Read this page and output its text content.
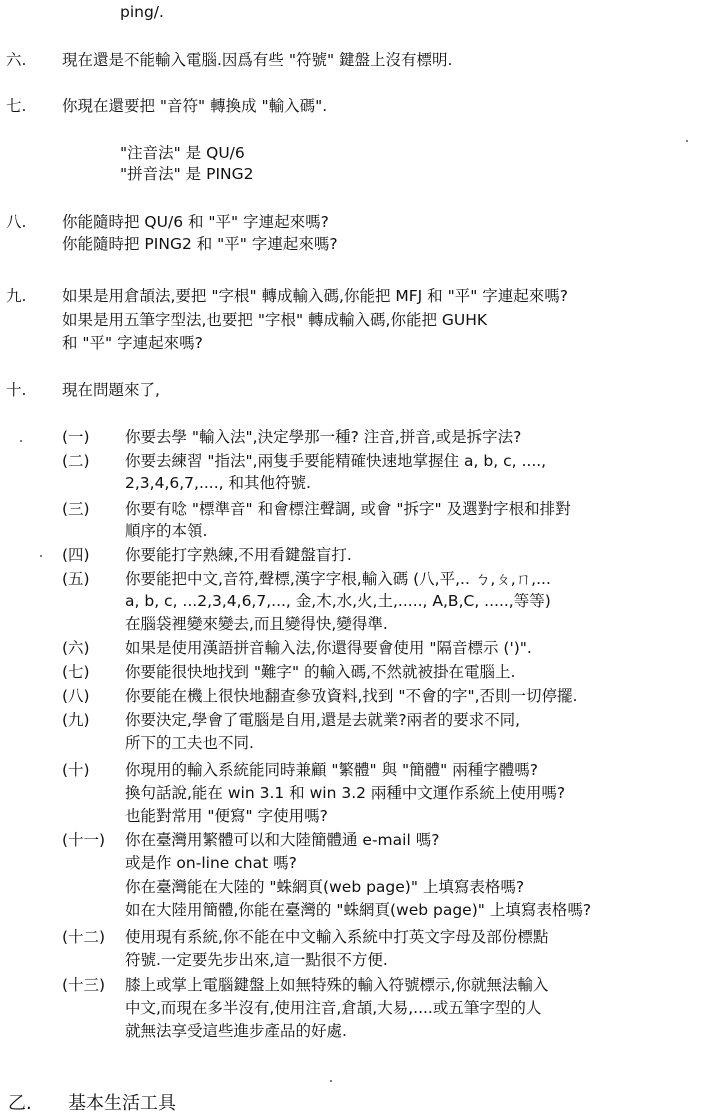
ping/.
六. 現在還是不能輸入電腦.因爲有些 "符號" 鍵盤上沒有標明.
七. 你現在還要把 "音符" 轉換成 "輸入碼".
"注音法" 是 QU/6
"拼音法" 是 PING2
八. 你能隨時把 QU/6 和 "平" 字連起來嗎?
你能隨時把 PING2 和 "平" 字連起來嗎?
九. 如果是用倉頡法,要把 "字根" 轉成輸入碼,你能把 MFJ 和 "平" 字連起來嗎?
如果是用五筆字型法,也要把 "字根" 轉成輸入碼,你能把 GUHK
和 "平" 字連起來嗎?
十. 現在問題來了,
(一) 你要去學 "輸入法",決定學那一種? 注音,拼音,或是拆字法?
(二) 你要去練習 "指法",兩隻手要能精確快速地掌握住 a, b, c, ....,
2,3,4,6,7,...., 和其他符號.
(三) 你要有唸 "標準音" 和會標注聲調, 或會 "拆字" 及選對字根和排對
順序的本領.
(四) 你要能打字熟練,不用看鍵盤盲打.
(五) 你要能把中文,音符,聲標,漢字字根,輸入碼 (八,平,.. ㄅ,ㄆ,ㄇ,...
a, b, c, ...2,3,4,6,7,..., 金,木,水,火,土,....., A,B,C, .....,等等)
在腦袋裡變來變去,而且變得快,變得準.
(六) 如果是使用漢語拼音輸入法,你還得要會使用 "隔音標示 (')".
(七) 你要能很快地找到 "難字" 的輸入碼,不然就被掛在電腦上.
(八) 你要能在機上很快地翻查參攷資料,找到 "不會的字",否則一切停擺.
(九) 你要決定,學會了電腦是自用,還是去就業?兩者的要求不同,
所下的工夫也不同.
(十) 你現用的輸入系統能同時兼顧 "繁體" 與 "簡體" 兩種字體嗎?
換句話說,能在 win 3.1 和 win 3.2 兩種中文運作系統上使用嗎?
也能對常用 "便寫" 字使用嗎?
(十一) 你在臺灣用繁體可以和大陸簡體通 e-mail 嗎?
或是作 on-line chat 嗎?
你在臺灣能在大陸的 "蛛網頁(web page)" 上填寫表格嗎?
如在大陸用簡體,你能在臺灣的 "蛛網頁(web page)" 上填寫表格嗎?
(十二) 使用現有系統,你不能在中文輸入系統中打英文字母及部份標點
符號.一定要先步出來,這一點很不方便.
(十三) 膝上或掌上電腦鍵盤上如無特殊的輸入符號標示,你就無法輸入
中文,而現在多半沒有,使用注音,倉頡,大易,....或五筆字型的人
就無法享受這些進步產品的好處.
乙. 基本生活工具
